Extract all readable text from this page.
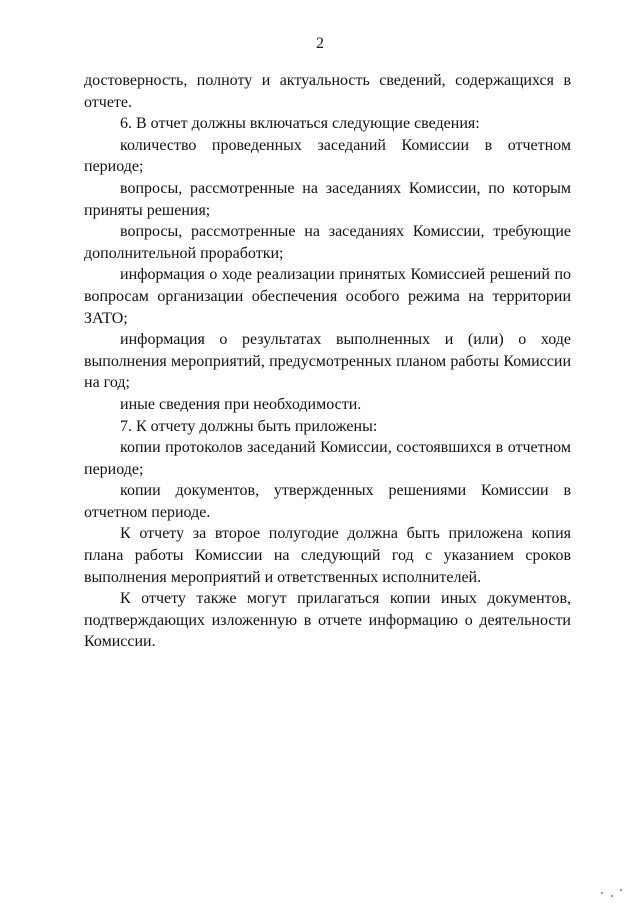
2

достоверность, полноту и актуальность сведений, содержащихся в отчете.

6. В отчет должны включаться следующие сведения:

количество проведенных заседаний Комиссии в отчетном периоде;

вопросы, рассмотренные на заседаниях Комиссии, по которым приняты решения;

вопросы, рассмотренные на заседаниях Комиссии, требующие дополнительной проработки;

информация о ходе реализации принятых Комиссией решений по вопросам организации обеспечения особого режима на территории ЗАТО;

информация о результатах выполненных и (или) о ходе выполнения мероприятий, предусмотренных планом работы Комиссии на год;

иные сведения при необходимости.

7. К отчету должны быть приложены:

копии протоколов заседаний Комиссии, состоявшихся в отчетном периоде;

копии документов, утвержденных решениями Комиссии в отчетном периоде.

К отчету за второе полугодие должна быть приложена копия плана работы Комиссии на следующий год с указанием сроков выполнения мероприятий и ответственных исполнителей.

К отчету также могут прилагаться копии иных документов, подтверждающих изложенную в отчете информацию о деятельности Комиссии.
